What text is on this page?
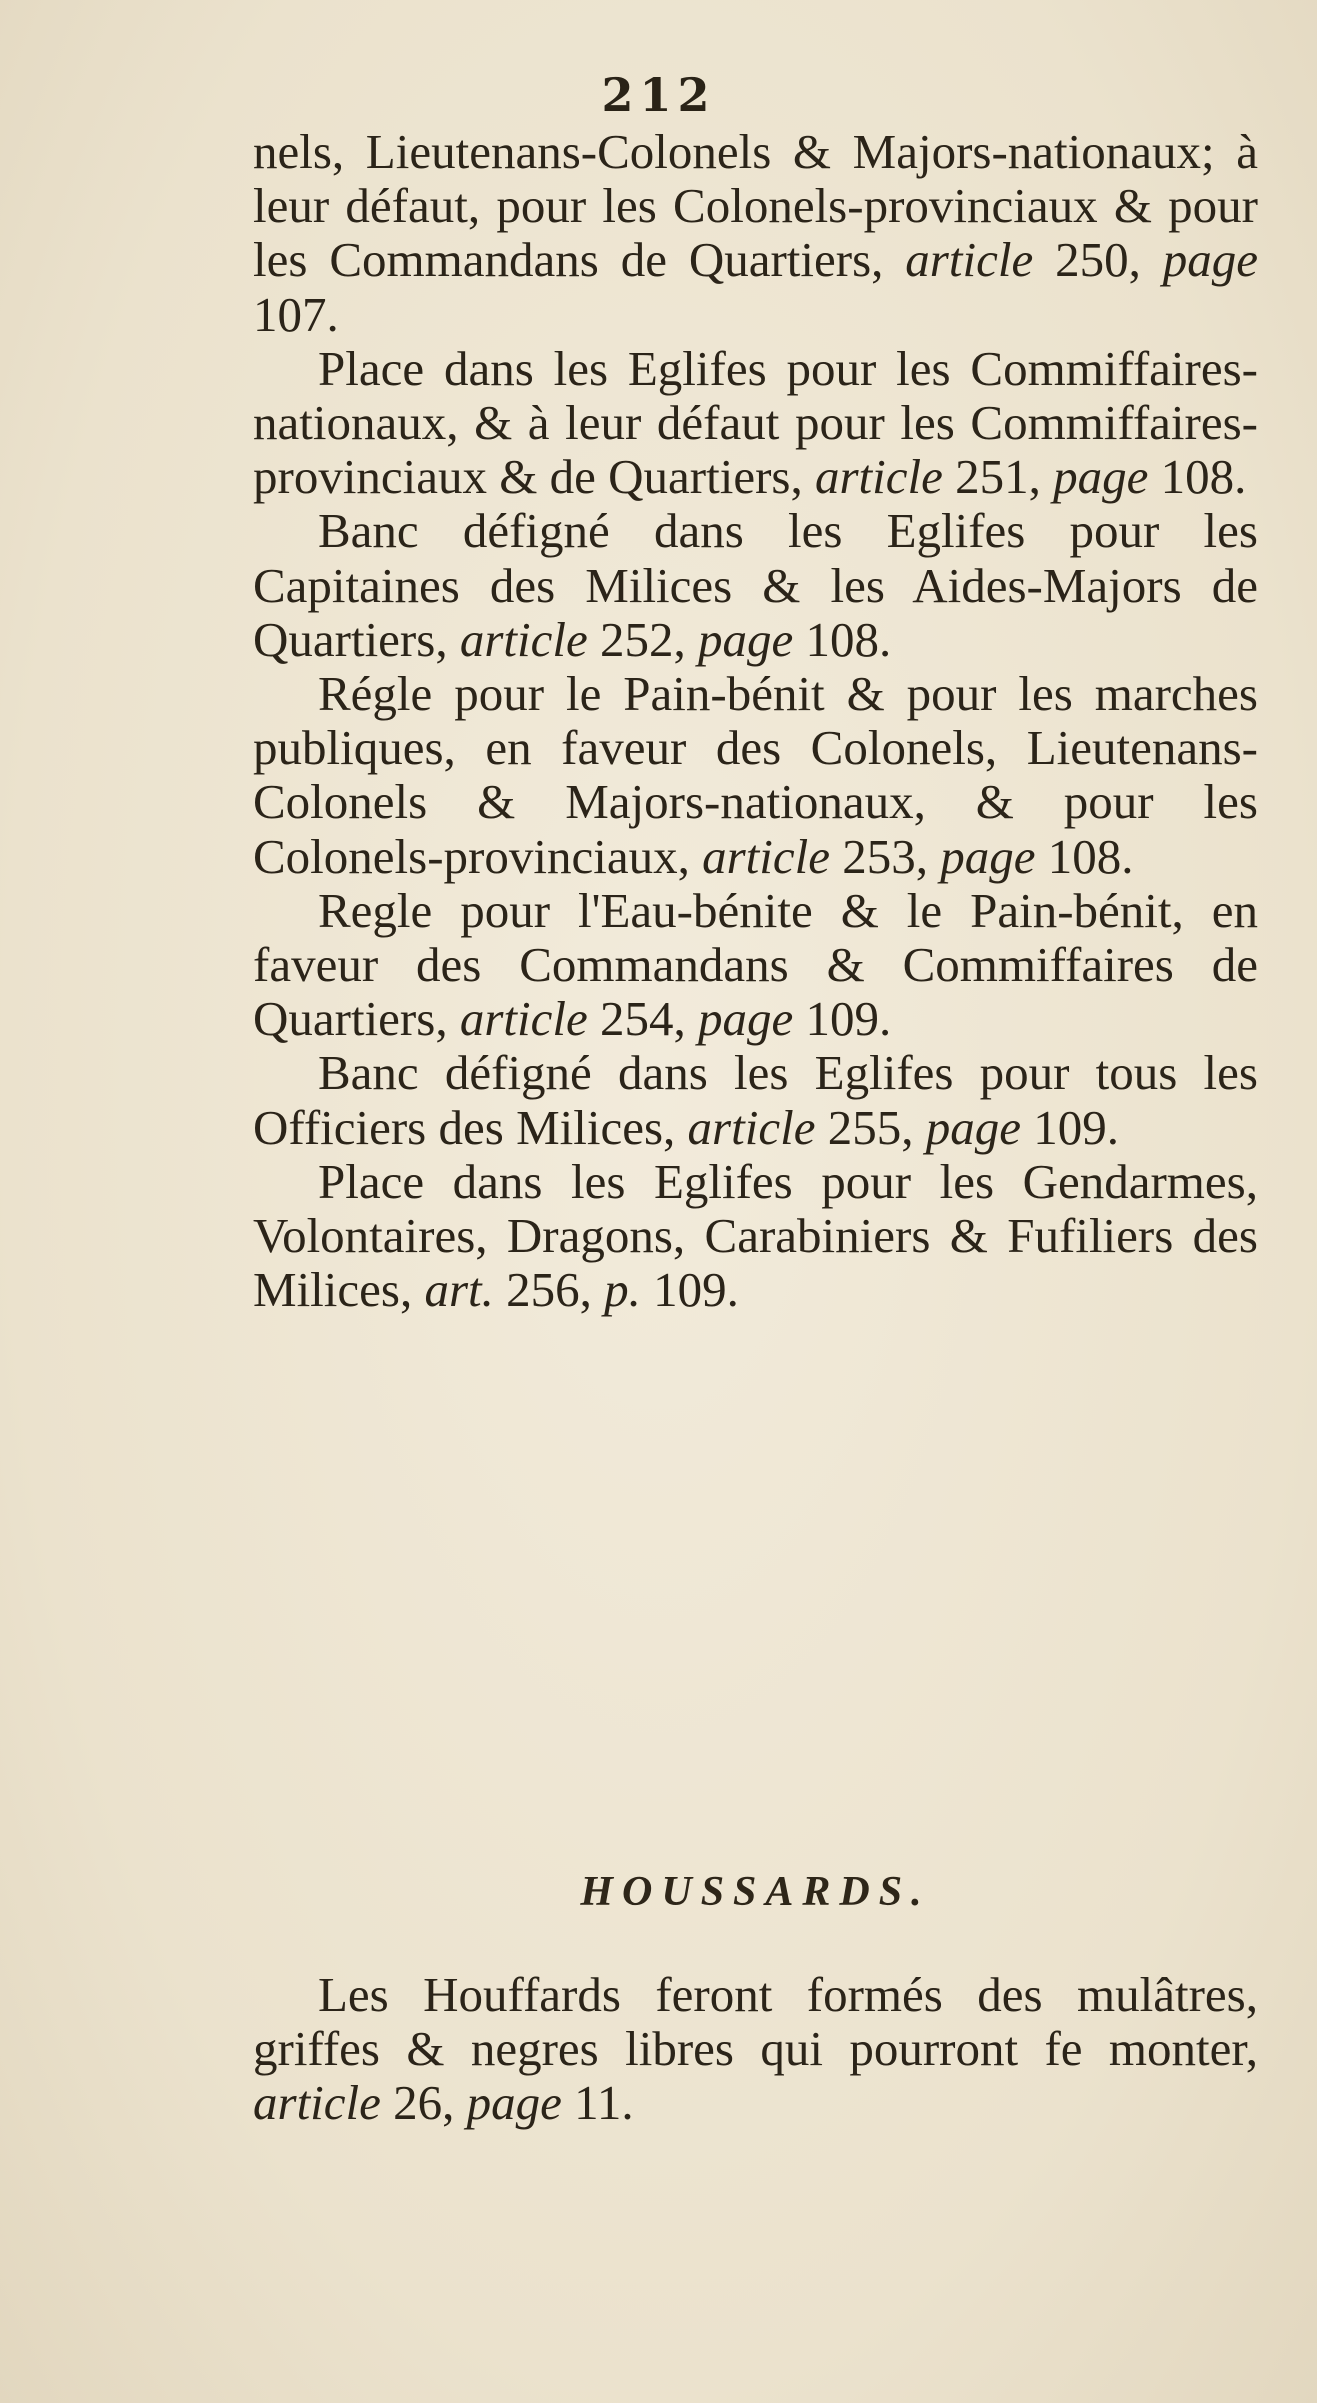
212

nels, Lieutenans-Colonels & Majors-nationaux; à leur défaut, pour les Colonels-provinciaux & pour les Commandans de Quartiers, article 250, page 107.

Place dans les Eglifes pour les Commiffaires-nationaux, & à leur défaut pour les Commiffaires-provinciaux & de Quartiers, article 251, page 108.

Banc défigné dans les Eglifes pour les Capitaines des Milices & les Aides-Majors de Quartiers, article 252, page 108.

Régle pour le Pain-bénit & pour les marches publiques, en faveur des Colonels, Lieutenans-Colonels & Majors-nationaux, & pour les Colonels-provinciaux, article 253, page 108.

Regle pour l'Eau-bénite & le Pain-bénit, en faveur des Commandans & Commiffaires de Quartiers, article 254, page 109.

Banc défigné dans les Eglifes pour tous les Officiers des Milices, article 255, page 109.

Place dans les Eglifes pour les Gendarmes, Volontaires, Dragons, Carabiniers & Fufiliers des Milices, art. 256, p. 109.

HOUSSARDS.

Les Houffards feront formés des mulâtres, griffes & negres libres qui pourront fe monter, article 26, page 11.
